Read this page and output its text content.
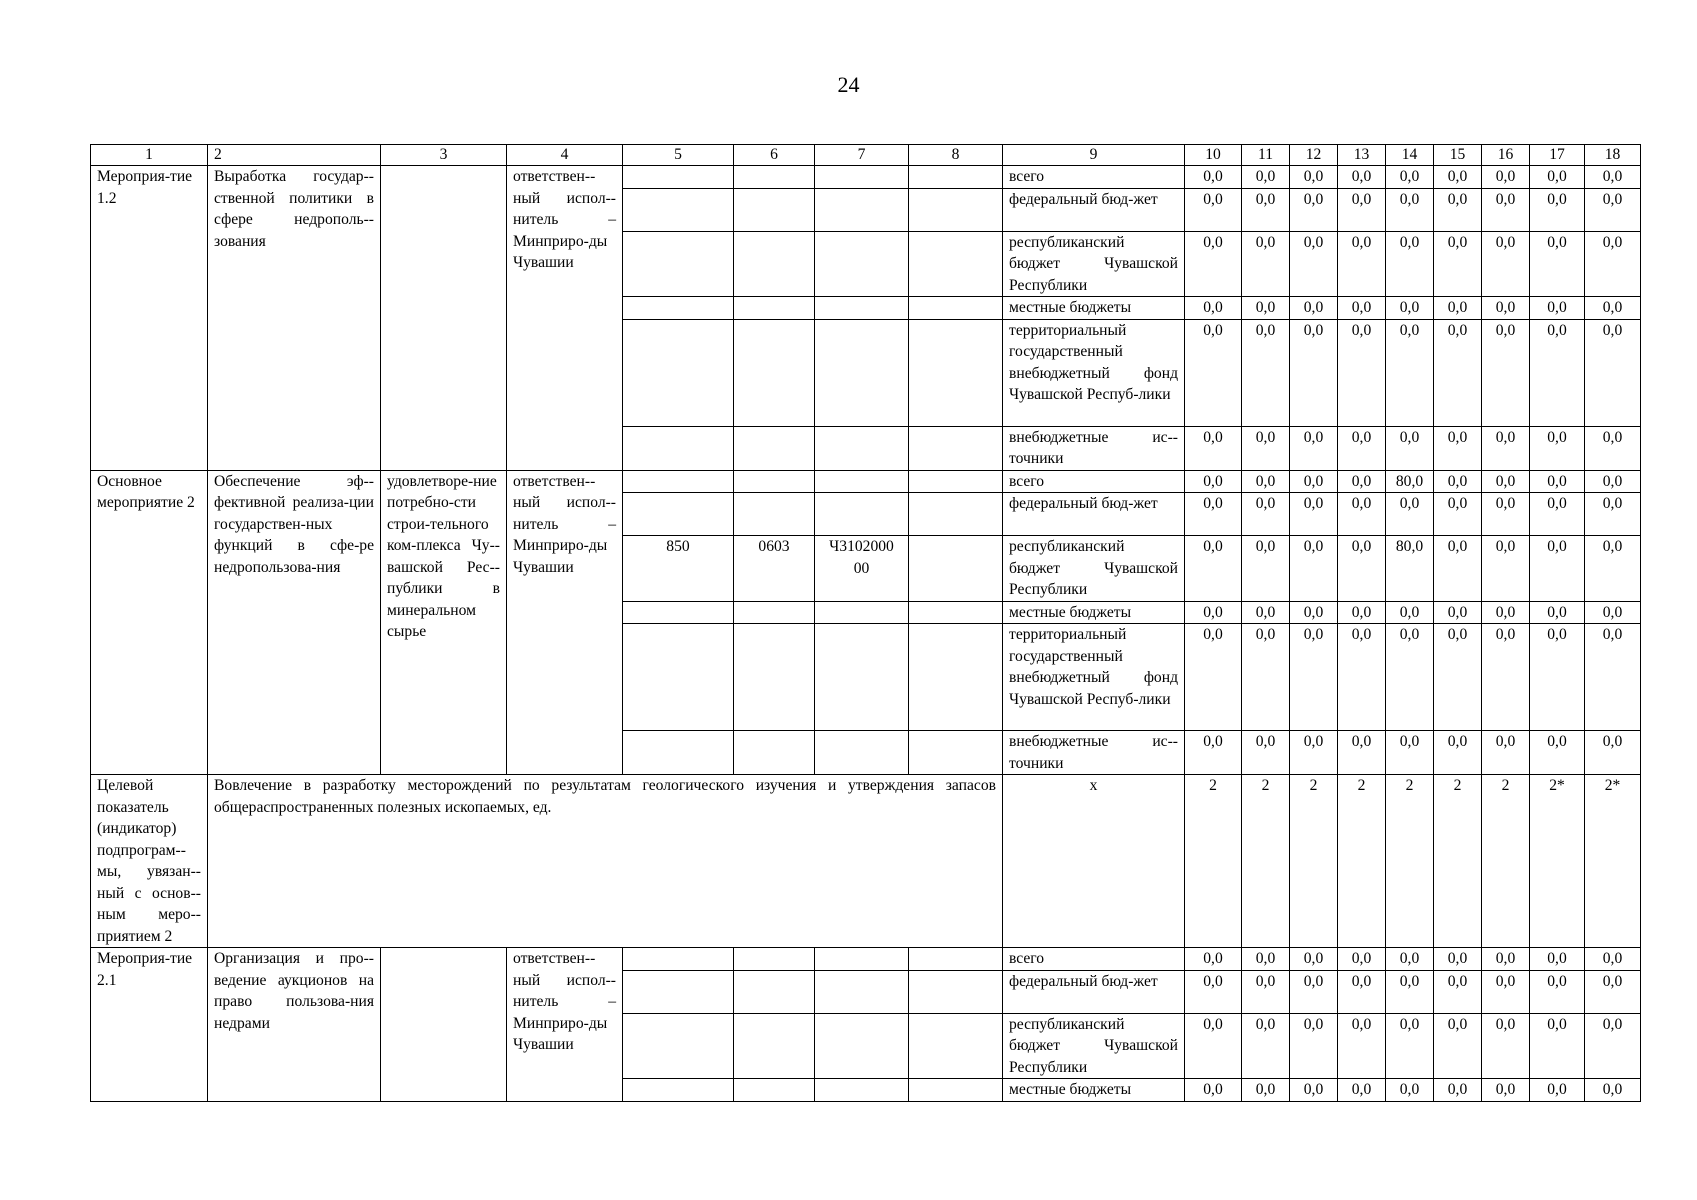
24
1	2	3	4	5	6	7	8	9	10	11	12	13	14	15	16	17	18
Мероприя-тие 1.2	Выработка государ-ственной политики в сфере недрополь-зования		ответствен-ный испол-нитель – Минприро-ды Чувашии					всего	0,0	0,0	0,0	0,0	0,0	0,0	0,0	0,0	0,0
								федеральный бюд-жет	0,0	0,0	0,0	0,0	0,0	0,0	0,0	0,0	0,0
								республиканский бюджет Чувашской Республики	0,0	0,0	0,0	0,0	0,0	0,0	0,0	0,0	0,0
								местные бюджеты	0,0	0,0	0,0	0,0	0,0	0,0	0,0	0,0	0,0
								территориальный государственный внебюджетный фонд Чувашской Респуб-лики	0,0	0,0	0,0	0,0	0,0	0,0	0,0	0,0	0,0
								внебюджетные ис-точники	0,0	0,0	0,0	0,0	0,0	0,0	0,0	0,0	0,0
Основное мероприятие 2	Обеспечение эф-фективной реализа-ции государствен-ных функций в сфе-ре недропользова-ния	удовлетворе-ние потребно-сти строи-тельного ком-плекса Чу-вашской Рес-публики в минеральном сырье	ответствен-ный испол-нитель – Минприро-ды Чувашии					всего	0,0	0,0	0,0	0,0	80,0	0,0	0,0	0,0	0,0
								федеральный бюд-жет	0,0	0,0	0,0	0,0	0,0	0,0	0,0	0,0	0,0
				850	0603	Ч3102000 00		республиканский бюджет Чувашской Республики	0,0	0,0	0,0	0,0	80,0	0,0	0,0	0,0	0,0
								местные бюджеты	0,0	0,0	0,0	0,0	0,0	0,0	0,0	0,0	0,0
								территориальный государственный внебюджетный фонд Чувашской Респуб-лики	0,0	0,0	0,0	0,0	0,0	0,0	0,0	0,0	0,0
								внебюджетные ис-точники	0,0	0,0	0,0	0,0	0,0	0,0	0,0	0,0	0,0
Целевой показатель (индикатор) подпрограм-мы, увязан-ный с основ-ным меро-приятием 2	Вовлечение в разработку месторождений по результатам геологического изучения и утверждения запасов общераспространенных полезных ископаемых, ед.							х	2	2	2	2	2	2	2	2*	2*
Мероприя-тие 2.1	Организация и про-ведение аукционов на право пользова-ния недрами		ответствен-ный испол-нитель – Минприро-ды Чувашии					всего	0,0	0,0	0,0	0,0	0,0	0,0	0,0	0,0	0,0
								федеральный бюд-жет	0,0	0,0	0,0	0,0	0,0	0,0	0,0	0,0	0,0
								республиканский бюджет Чувашской Республики	0,0	0,0	0,0	0,0	0,0	0,0	0,0	0,0	0,0
								местные бюджеты	0,0	0,0	0,0	0,0	0,0	0,0	0,0	0,0	0,0
